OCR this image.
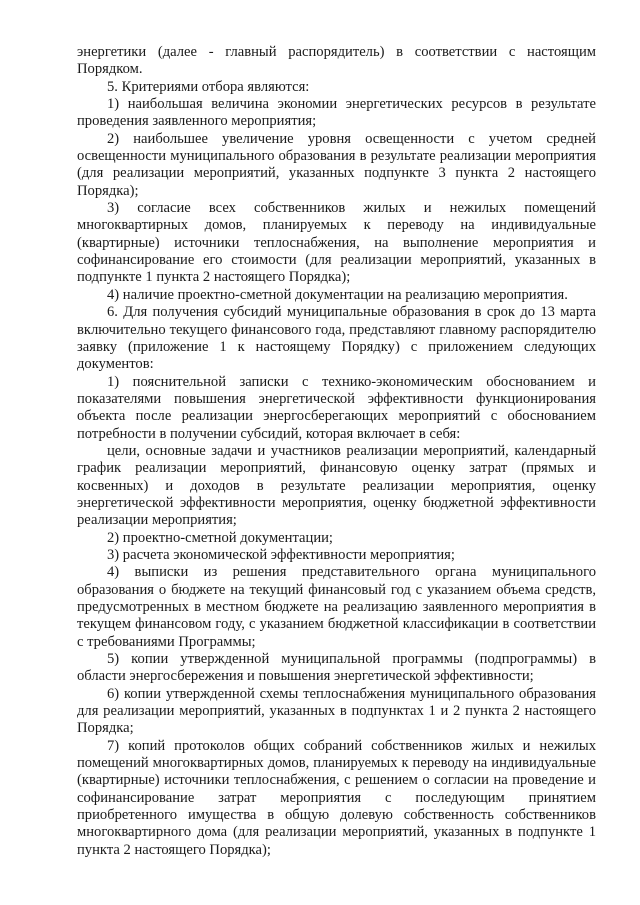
энергетики (далее - главный распорядитель) в соответствии с настоящим Порядком.

5. Критериями отбора являются:

1) наибольшая величина экономии энергетических ресурсов в результате проведения заявленного мероприятия;

2) наибольшее увеличение уровня освещенности с учетом средней освещенности муниципального образования в результате реализации мероприятия (для реализации мероприятий, указанных подпункте 3 пункта 2 настоящего Порядка);

3) согласие всех собственников жилых и нежилых помещений многоквартирных домов, планируемых к переводу на индивидуальные (квартирные) источники теплоснабжения, на выполнение мероприятия и софинансирование его стоимости (для реализации мероприятий, указанных в подпункте 1 пункта 2 настоящего Порядка);

4) наличие проектно-сметной документации на реализацию мероприятия.

6. Для получения субсидий муниципальные образования в срок до 13 марта включительно текущего финансового года, представляют главному распорядителю заявку (приложение 1 к настоящему Порядку) с приложением следующих документов:

1) пояснительной записки с технико-экономическим обоснованием и показателями повышения энергетической эффективности функционирования объекта после реализации энергосберегающих мероприятий с обоснованием потребности в получении субсидий, которая включает в себя:

цели, основные задачи и участников реализации мероприятий, календарный график реализации мероприятий, финансовую оценку затрат (прямых и косвенных) и доходов в результате реализации мероприятия, оценку энергетической эффективности мероприятия, оценку бюджетной эффективности реализации мероприятия;

2) проектно-сметной документации;

3) расчета экономической эффективности мероприятия;

4) выписки из решения представительного органа муниципального образования о бюджете на текущий финансовый год с указанием объема средств, предусмотренных в местном бюджете на реализацию заявленного мероприятия в текущем финансовом году, с указанием бюджетной классификации в соответствии с требованиями Программы;

5) копии утвержденной муниципальной программы (подпрограммы) в области энергосбережения и повышения энергетической эффективности;

6) копии утвержденной схемы теплоснабжения муниципального образования для реализации мероприятий, указанных в подпунктах 1 и 2 пункта 2 настоящего Порядка;

7) копий протоколов общих собраний собственников жилых и нежилых помещений многоквартирных домов, планируемых к переводу на индивидуальные (квартирные) источники теплоснабжения, с решением о согласии на проведение и софинансирование затрат мероприятия с последующим принятием приобретенного имущества в общую долевую собственность собственников многоквартирного дома (для реализации мероприятий, указанных в подпункте 1 пункта 2 настоящего Порядка);
